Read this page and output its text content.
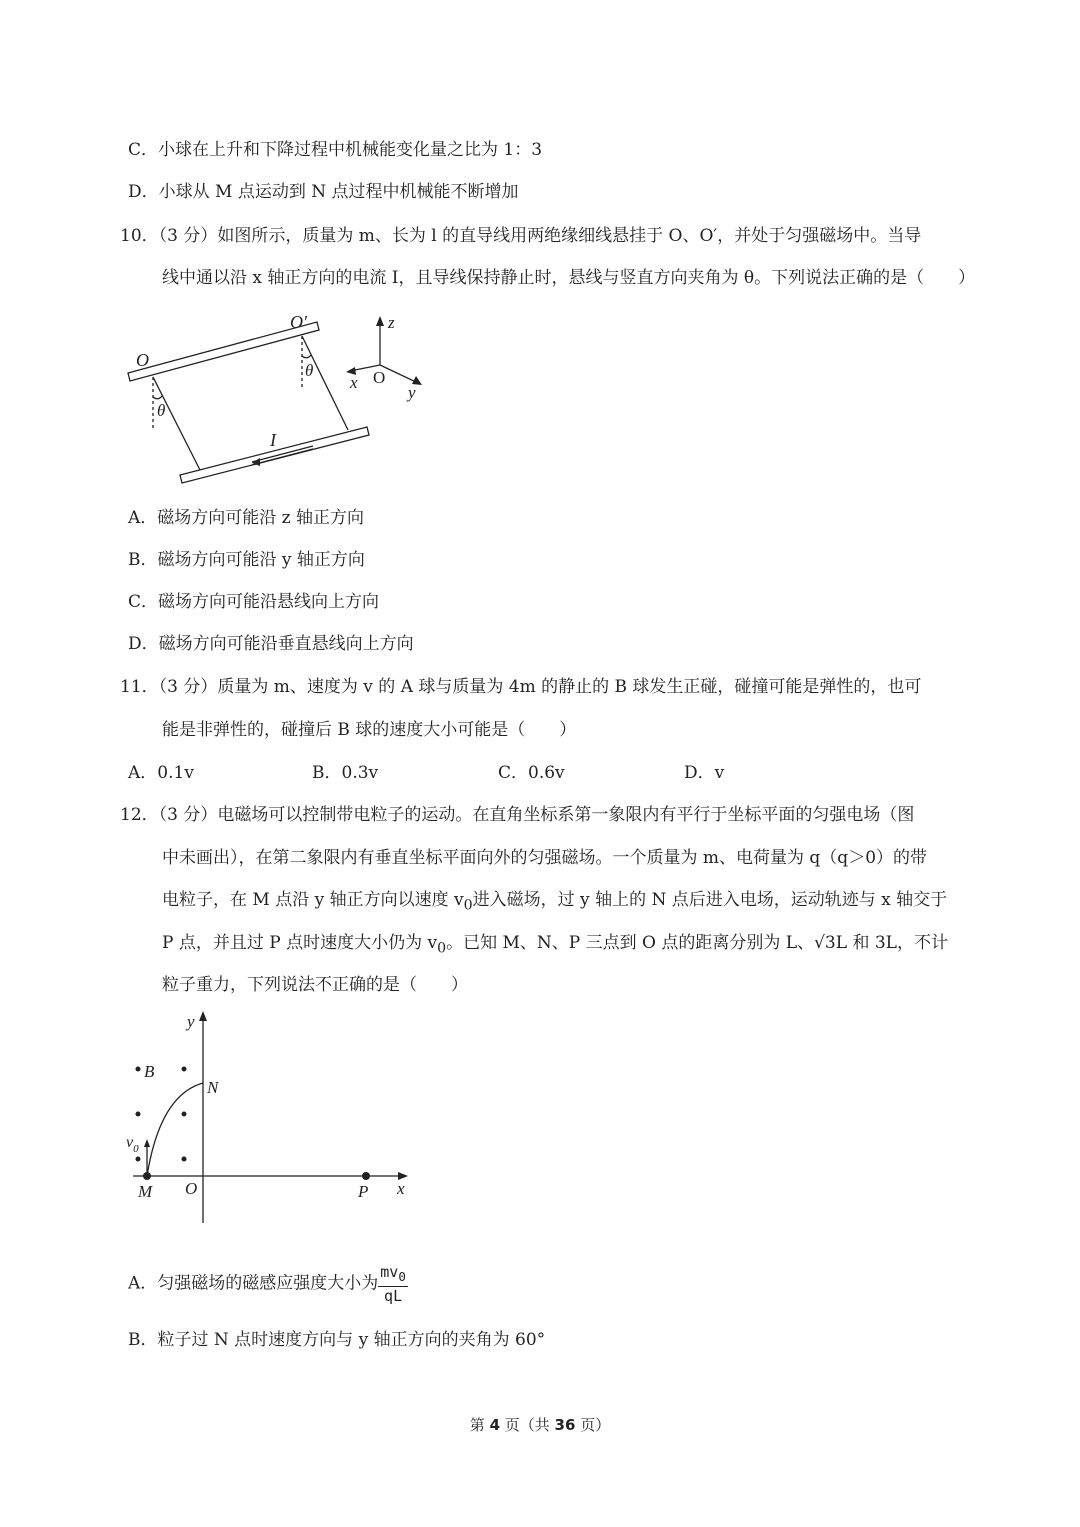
C．小球在上升和下降过程中机械能变化量之比为 1：3
D．小球从 M 点运动到 N 点过程中机械能不断增加
10．（3 分）如图所示，质量为 m、长为 l 的直导线用两绝缘细线悬挂于 O、O′，并处于匀强磁场中。当导
线中通以沿 x 轴正方向的电流 I，且导线保持静止时，悬线与竖直方向夹角为 θ。下列说法正确的是（　　）
O
O′
θ
θ
I
z
x
y
O
A．磁场方向可能沿 z 轴正方向
B．磁场方向可能沿 y 轴正方向
C．磁场方向可能沿悬线向上方向
D．磁场方向可能沿垂直悬线向上方向
11．（3 分）质量为 m、速度为 v 的 A 球与质量为 4m 的静止的 B 球发生正碰，碰撞可能是弹性的，也可
能是非弹性的，碰撞后 B 球的速度大小可能是（　　）
A．0.1v	B．0.3v	C．0.6v	D．v
12．（3 分）电磁场可以控制带电粒子的运动。在直角坐标系第一象限内有平行于坐标平面的匀强电场（图
中未画出），在第二象限内有垂直坐标平面向外的匀强磁场。一个质量为 m、电荷量为 q（q＞0）的带
电粒子，在 M 点沿 y 轴正方向以速度 $v_0$进入磁场，过 y 轴上的 N 点后进入电场，运动轨迹与 x 轴交于
P 点，并且过 P 点时速度大小仍为 $v_0$。已知 M、N、P 三点到 O 点的距离分别为 L、√3L 和 3L，不计
粒子重力，下列说法不正确的是（　　）
y
x
B
N
M O	P
$v_0$
A．匀强磁场的磁感应强度大小为 $\frac{mv_0}{qL}$
B．粒子过 N 点时速度方向与 y 轴正方向的夹角为 60°
第 4 页（共 36 页）
